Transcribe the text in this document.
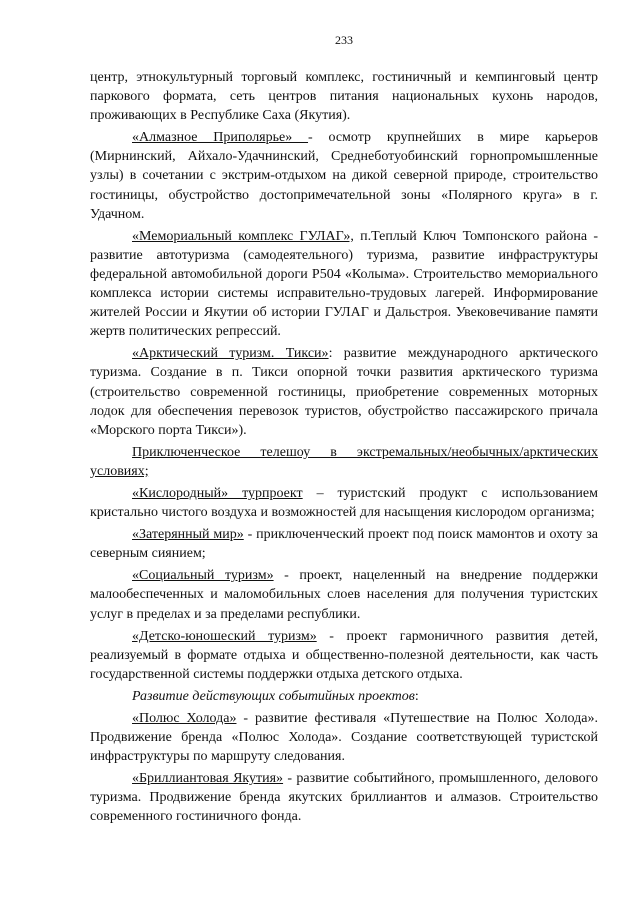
233

центр, этнокультурный торговый комплекс, гостиничный и кемпинговый центр паркового формата, сеть центров питания национальных кухонь народов, проживающих в Республике Саха (Якутия).

«Алмазное Приполярье» - осмотр крупнейших в мире карьеров (Мирнинский, Айхало-Удачнинский, Среднеботуобинский горнопромышленные узлы) в сочетании с экстрим-отдыхом на дикой северной природе, строительство гостиницы, обустройство достопримечательной зоны «Полярного круга» в г. Удачном.

«Мемориальный комплекс ГУЛАГ», п.Теплый Ключ Томпонского района - развитие автотуризма (самодеятельного) туризма, развитие инфраструктуры федеральной автомобильной дороги Р504 «Колыма». Строительство мемориального комплекса истории системы исправительно-трудовых лагерей. Информирование жителей России и Якутии об истории ГУЛАГ и Дальстроя. Увековечивание памяти жертв политических репрессий.

«Арктический туризм. Тикси»: развитие международного арктического туризма. Создание в п. Тикси опорной точки развития арктического туризма (строительство современной гостиницы, приобретение современных моторных лодок для обеспечения перевозок туристов, обустройство пассажирского причала «Морского порта Тикси»).

Приключенческое телешоу в экстремальных/необычных/арктических условиях;

«Кислородный» турпроект – туристский продукт с использованием кристально чистого воздуха и возможностей для насыщения кислородом организма;

«Затерянный мир» - приключенческий проект под поиск мамонтов и охоту за северным сиянием;

«Социальный туризм» - проект, нацеленный на внедрение поддержки малообеспеченных и маломобильных слоев населения для получения туристских услуг в пределах и за пределами республики.

«Детско-юношеский туризм» - проект гармоничного развития детей, реализуемый в формате отдыха и общественно-полезной деятельности, как часть государственной системы поддержки отдыха детского отдыха.

Развитие действующих событийных проектов:

«Полюс Холода» - развитие фестиваля «Путешествие на Полюс Холода». Продвижение бренда «Полюс Холода». Создание соответствующей туристской инфраструктуры по маршруту следования.

«Бриллиантовая Якутия» - развитие событийного, промышленного, делового туризма. Продвижение бренда якутских бриллиантов и алмазов. Строительство современного гостиничного фонда.
